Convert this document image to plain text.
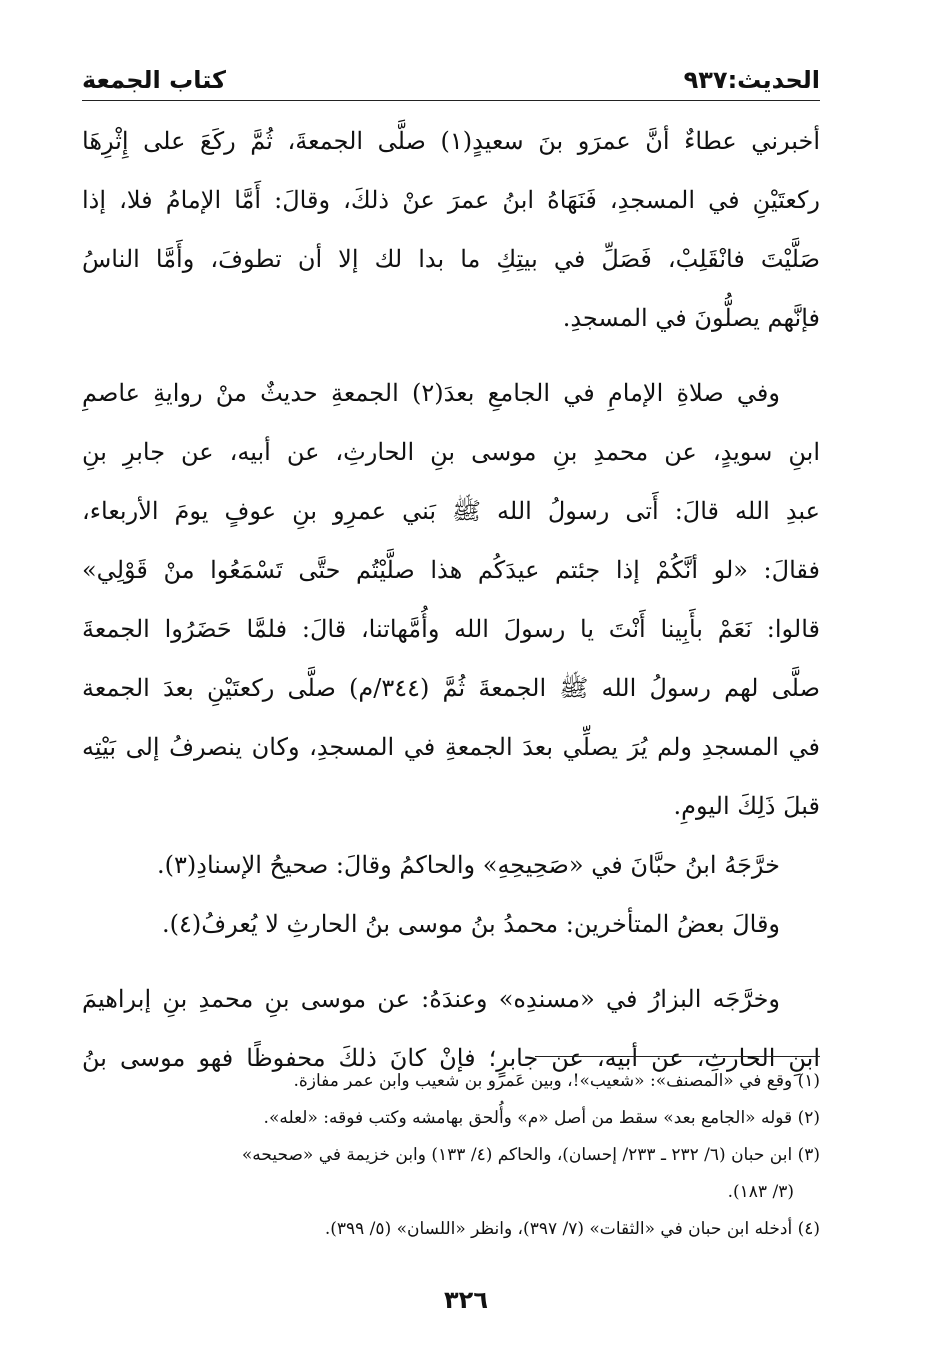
الحديث:٩٣٧
كتاب الجمعة
أخبرني عطاءٌ أنَّ عمرَو بنَ سعيدٍ(١) صلَّى الجمعةَ، ثُمَّ ركَعَ على إِثْرِهَا
ركعتَيْنِ في المسجدِ، فَنَهَاهُ ابنُ عمرَ عنْ ذلكَ، وقالَ: أَمَّا الإمامُ فلا، إذا
صَلَّيْتَ فانْقَلِبْ، فَصَلِّ في بيتِكِ ما بدا لك إلا أن تطوفَ، وأَمَّا الناسُ
فإنَّهم يصلُّونَ في المسجدِ.
وفي صلاةِ الإمامِ في الجامعِ بعدَ(٢) الجمعةِ حديثٌ منْ روايةِ عاصمِ
ابنِ سويدٍ، عن محمدِ بنِ موسى بنِ الحارثِ، عن أبيه، عن جابرِ بنِ
عبدِ الله قالَ: أَتى رسولُ الله ﷺ بَني عمرِو بنِ عوفٍ يومَ الأربعاء،
فقالَ: «لو أنَّكُمْ إذا جئتم عيدَكُم هذا صلَّيْتُم حتَّى تَسْمَعُوا منْ قَوْلِي»
قالوا: نَعَمْ بأَبِينا أَنْتَ يا رسولَ الله وأُمَّهاتنا، قالَ: فلمَّا حَضَرُوا الجمعةَ
صلَّى لهم رسولُ الله ﷺ الجمعةَ ثُمَّ (٣٤٤/م) صلَّى ركعتَيْنِ بعدَ الجمعة
في المسجدِ ولم يُرَ يصلِّي بعدَ الجمعةِ في المسجدِ، وكان ينصرفُ إلى بَيْتِه
قبلَ ذَلِكَ اليومِ.
خرَّجَهُ ابنُ حبَّانَ في «صَحِيحِهِ» والحاكمُ وقالَ: صحيحُ الإسنادِ(٣).
وقالَ بعضُ المتأخرين: محمدُ بنُ موسى بنُ الحارثِ لا يُعرفُ(٤).
وخرَّجَه البزارُ في «مسندِه» وعندَهُ: عن موسى بنِ محمدِ بنِ إبراهيمَ
ابنِ الحارثِ، عن أبيه، عن جابرٍ؛ فإنْ كانَ ذلكَ محفوظًا فهو موسى بنُ
(١) وقع في «المصنف»: «شعيب»!، وبين عَمرو بن شعيب وابن عمر مفازة.
(٢) قوله «الجامع بعد» سقط من أصل «م» وأُلحق بهامشه وكتب فوقه: «لعله».
(٣) ابن حبان (٦/ ٢٣٢ ـ ٢٣٣/ إحسان)، والحاكم (٤/ ١٣٣) وابن خزيمة في «صحيحه»
(٣/ ١٨٣).
(٤) أدخله ابن حبان في «الثقات» (٧/ ٣٩٧)، وانظر «اللسان» (٥/ ٣٩٩).
٣٢٦
